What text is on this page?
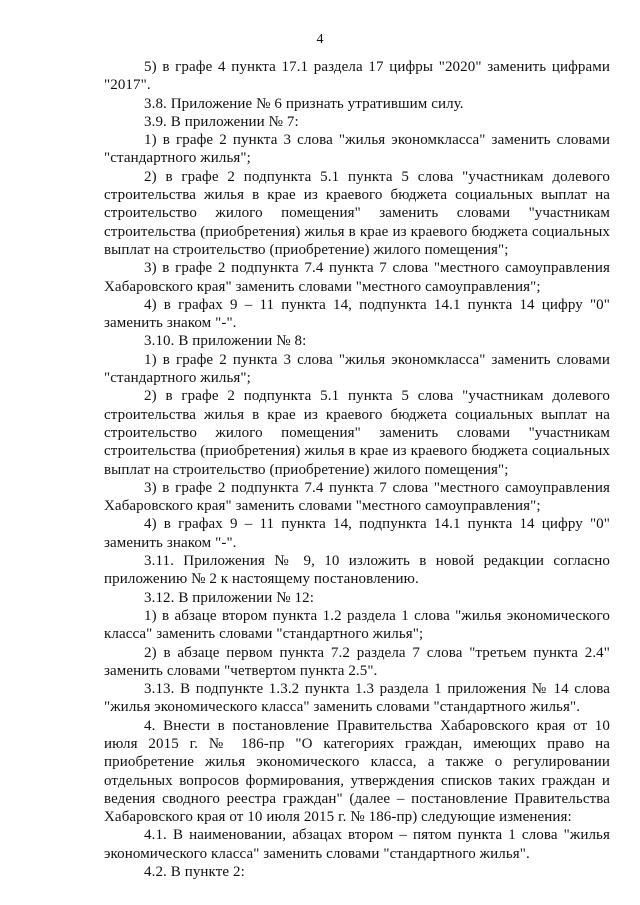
4

5) в графе 4 пункта 17.1 раздела 17 цифры "2020" заменить цифрами "2017".

3.8. Приложение № 6 признать утратившим силу.

3.9. В приложении № 7:

1) в графе 2 пункта 3 слова "жилья экономкласса" заменить словами "стандартного жилья";

2) в графе 2 подпункта 5.1 пункта 5 слова "участникам долевого строительства жилья в крае из краевого бюджета социальных выплат на строительство жилого помещения" заменить словами "участникам строительства (приобретения) жилья в крае из краевого бюджета социальных выплат на строительство (приобретение) жилого помещения";

3) в графе 2 подпункта 7.4 пункта 7 слова "местного самоуправления Хабаровского края" заменить словами "местного самоуправления";

4) в графах 9 – 11 пункта 14, подпункта 14.1 пункта 14 цифру "0" заменить знаком "-".

3.10. В приложении № 8:

1) в графе 2 пункта 3 слова "жилья экономкласса" заменить словами "стандартного жилья";

2) в графе 2 подпункта 5.1 пункта 5 слова "участникам долевого строительства жилья в крае из краевого бюджета социальных выплат на строительство жилого помещения" заменить словами "участникам строительства (приобретения) жилья в крае из краевого бюджета социальных выплат на строительство (приобретение) жилого помещения";

3) в графе 2 подпункта 7.4 пункта 7 слова "местного самоуправления Хабаровского края" заменить словами "местного самоуправления";

4) в графах 9 – 11 пункта 14, подпункта 14.1 пункта 14 цифру "0" заменить знаком "-".

3.11. Приложения № 9, 10 изложить в новой редакции согласно приложению № 2 к настоящему постановлению.

3.12. В приложении № 12:

1) в абзаце втором пункта 1.2 раздела 1 слова "жилья экономического класса" заменить словами "стандартного жилья";

2) в абзаце первом пункта 7.2 раздела 7 слова "третьем пункта 2.4" заменить словами "четвертом пункта 2.5".

3.13. В подпункте 1.3.2 пункта 1.3 раздела 1 приложения № 14 слова "жилья экономического класса" заменить словами "стандартного жилья".

4. Внести в постановление Правительства Хабаровского края от 10 июля 2015 г. № 186-пр "О категориях граждан, имеющих право на приобретение жилья экономического класса, а также о регулировании отдельных вопросов формирования, утверждения списков таких граждан и ведения сводного реестра граждан" (далее – постановление Правительства Хабаровского края от 10 июля 2015 г. № 186-пр) следующие изменения:

4.1. В наименовании, абзацах втором – пятом пункта 1 слова "жилья экономического класса" заменить словами "стандартного жилья".

4.2. В пункте 2:
